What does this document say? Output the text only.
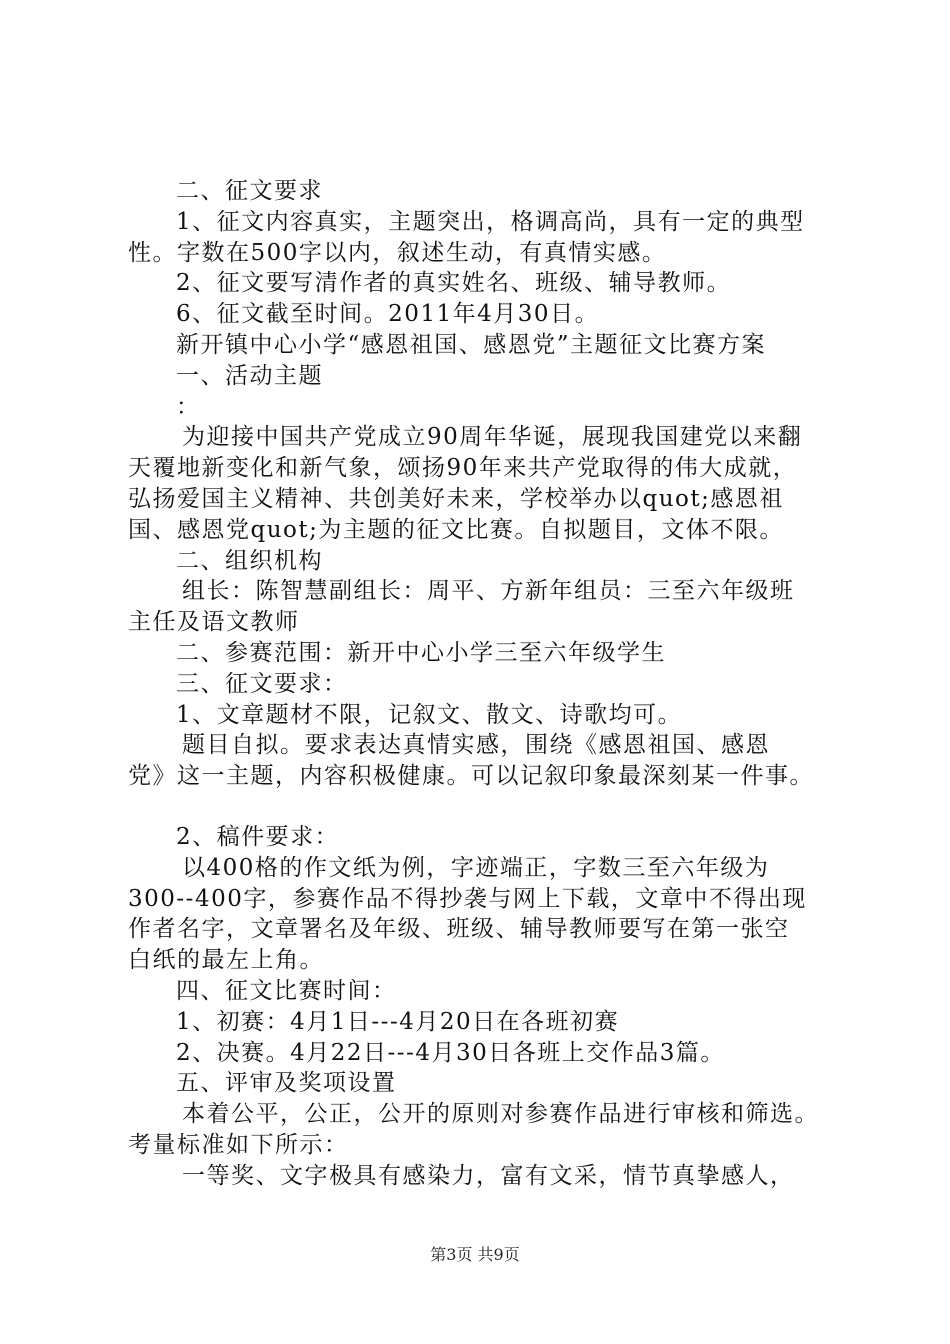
二、征文要求
1、征文内容真实，主题突出，格调高尚，具有一定的典型
性。字数在500字以内，叙述生动，有真情实感。
2、征文要写清作者的真实姓名、班级、辅导教师。
6、征文截至时间。2011年4月30日。
新开镇中心小学“感恩祖国、感恩党”主题征文比赛方案
一、活动主题
：
为迎接中国共产党成立90周年华诞，展现我国建党以来翻
天覆地新变化和新气象，颂扬90年来共产党取得的伟大成就，
弘扬爱国主义精神、共创美好未来，学校举办以quot;感恩祖
国、感恩党quot;为主题的征文比赛。自拟题目，文体不限。
二、组织机构
组长：陈智慧副组长：周平、方新年组员：三至六年级班
主任及语文教师
二、参赛范围：新开中心小学三至六年级学生
三、征文要求：
1、文章题材不限，记叙文、散文、诗歌均可。
题目自拟。要求表达真情实感，围绕《感恩祖国、感恩
党》这一主题，内容积极健康。可以记叙印象最深刻某一件事。
2、稿件要求：
以400格的作文纸为例，字迹端正，字数三至六年级为
300--400字，参赛作品不得抄袭与网上下载，文章中不得出现
作者名字，文章署名及年级、班级、辅导教师要写在第一张空
白纸的最左上角。
四、征文比赛时间：
1、初赛：4月1日---4月20日在各班初赛
2、决赛。4月22日---4月30日各班上交作品3篇。
五、评审及奖项设置
本着公平，公正，公开的原则对参赛作品进行审核和筛选。
考量标准如下所示：
一等奖、文字极具有感染力，富有文采，情节真挚感人，
第3页 共9页
